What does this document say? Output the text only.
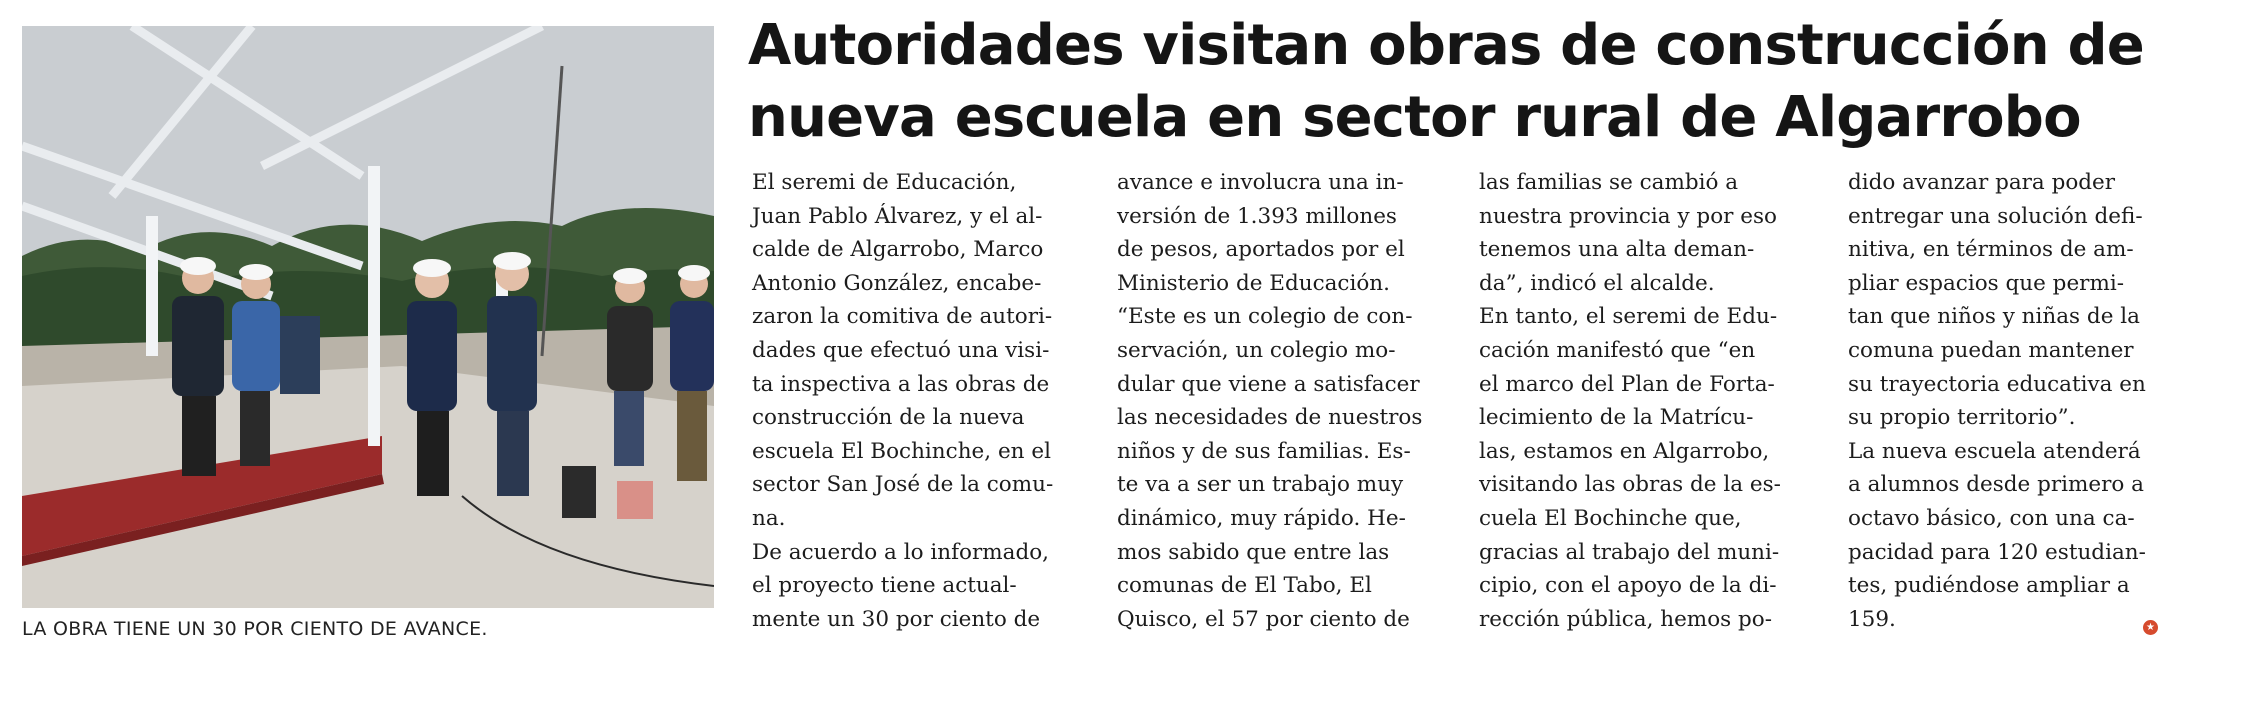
LA OBRA TIENE UN 30 POR CIENTO DE AVANCE.
Autoridades visitan obras de construcción de
nueva escuela en sector rural de Algarrobo
El seremi de Educación,
Juan Pablo Álvarez, y el al-
calde de Algarrobo, Marco
Antonio González, encabe-
zaron la comitiva de autori-
dades que efectuó una visi-
ta inspectiva a las obras de
construcción de la nueva
escuela El Bochinche, en el
sector San José de la comu-
na.
De acuerdo a lo informado,
el proyecto tiene actual-
mente un 30 por ciento de
avance e involucra una in-
versión de 1.393 millones
de pesos, aportados por el
Ministerio de Educación.
“Este es un colegio de con-
servación, un colegio mo-
dular que viene a satisfacer
las necesidades de nuestros
niños y de sus familias. Es-
te va a ser un trabajo muy
dinámico, muy rápido. He-
mos sabido que entre las
comunas de El Tabo, El
Quisco, el 57 por ciento de
las familias se cambió a
nuestra provincia y por eso
tenemos una alta deman-
da”, indicó el alcalde.
En tanto, el seremi de Edu-
cación manifestó que “en
el marco del Plan de Forta-
lecimiento de la Matrícu-
las, estamos en Algarrobo,
visitando las obras de la es-
cuela El Bochinche que,
gracias al trabajo del muni-
cipio, con el apoyo de la di-
rección pública, hemos po-
dido avanzar para poder
entregar una solución defi-
nitiva, en términos de am-
pliar espacios que permi-
tan que niños y niñas de la
comuna puedan mantener
su trayectoria educativa en
su propio territorio”.
La nueva escuela atenderá
a alumnos desde primero a
octavo básico, con una ca-
pacidad para 120 estudian-
tes, pudiéndose ampliar a
159.	★
